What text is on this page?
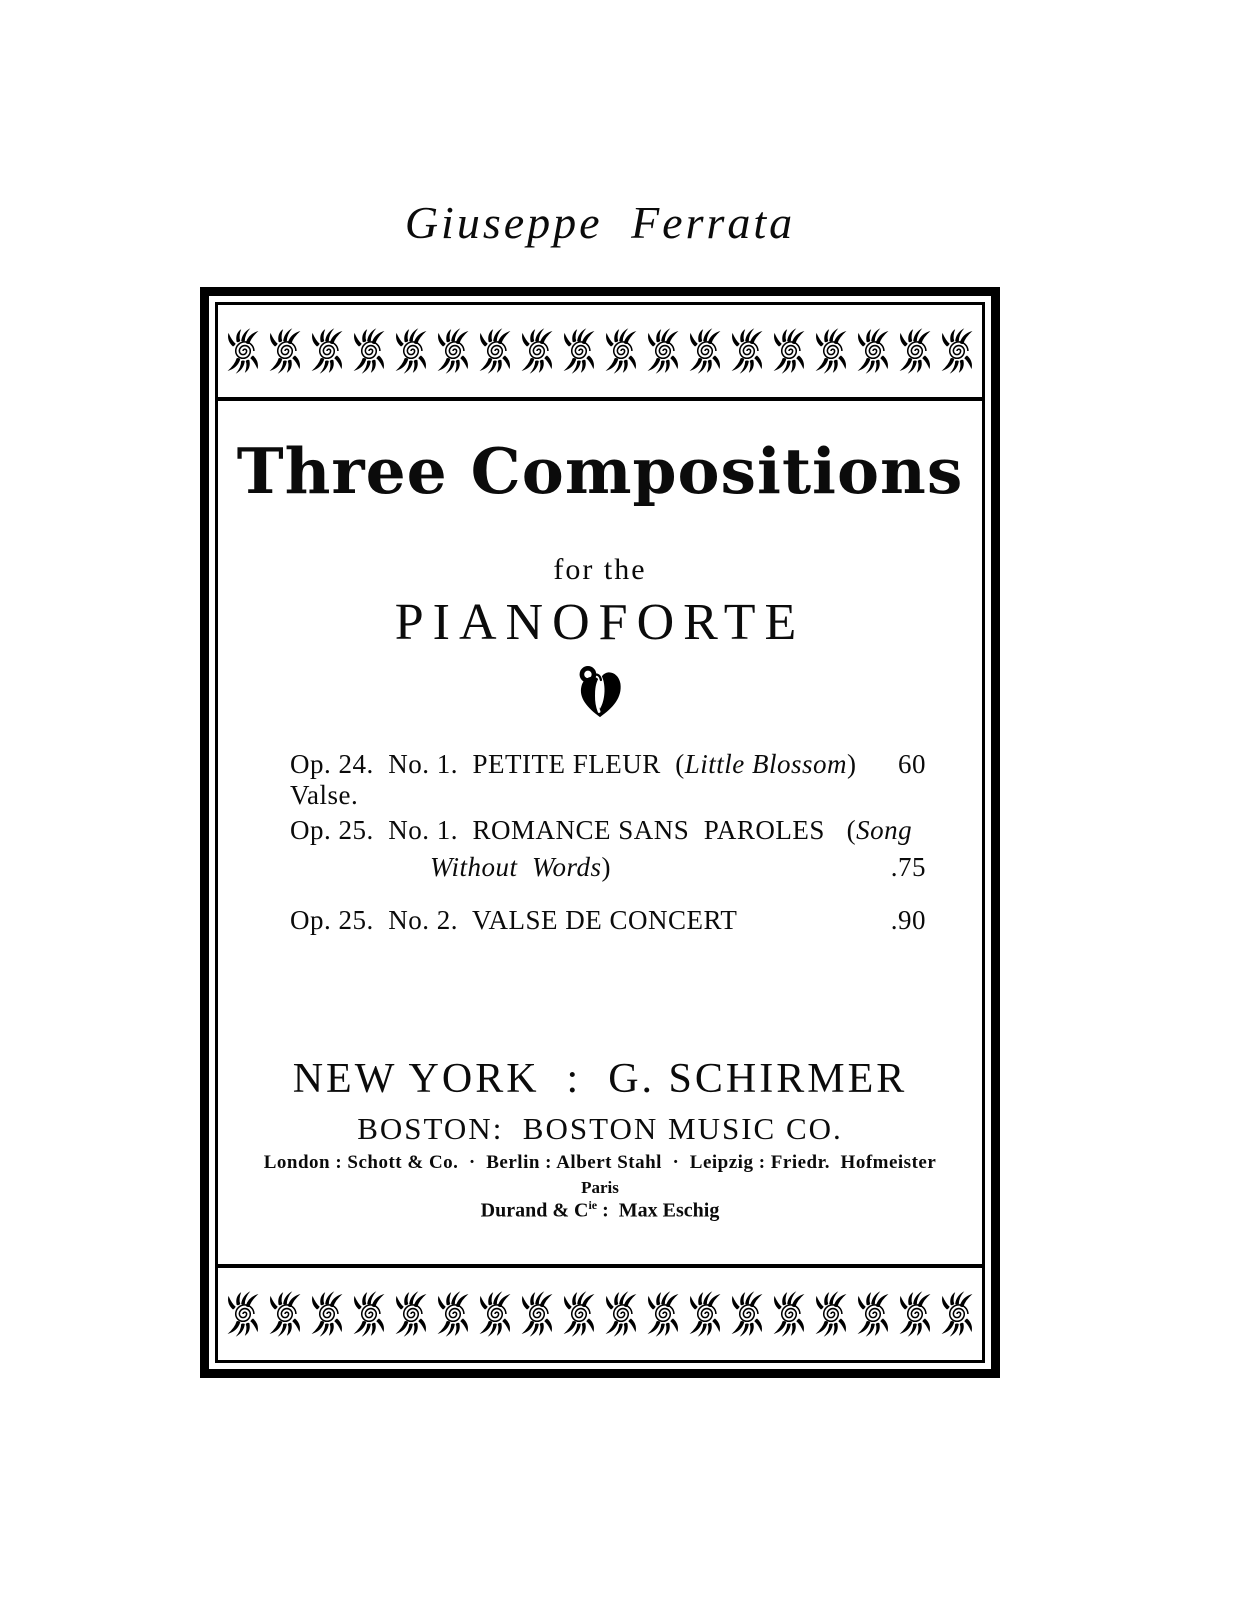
Giuseppe Ferrata
Three Compositions
for the
PIANOFORTE
Op. 24.  No. 1.  PETITE FLEUR  (Little Blossom)  Valse.
60
Op. 25.  No. 1.  ROMANCE SANS  PAROLES   (Song
Without  Words)	.75
Op. 25.  No. 2.  VALSE DE CONCERT	.90
NEW YORK  :  G. SCHIRMER
BOSTON:  BOSTON MUSIC CO.
London : Schott & Co.  ·  Berlin : Albert Stahl  ·  Leipzig : Friedr.  Hofmeister
Paris
Durand & $C^{ie}$ :  Max Eschig
